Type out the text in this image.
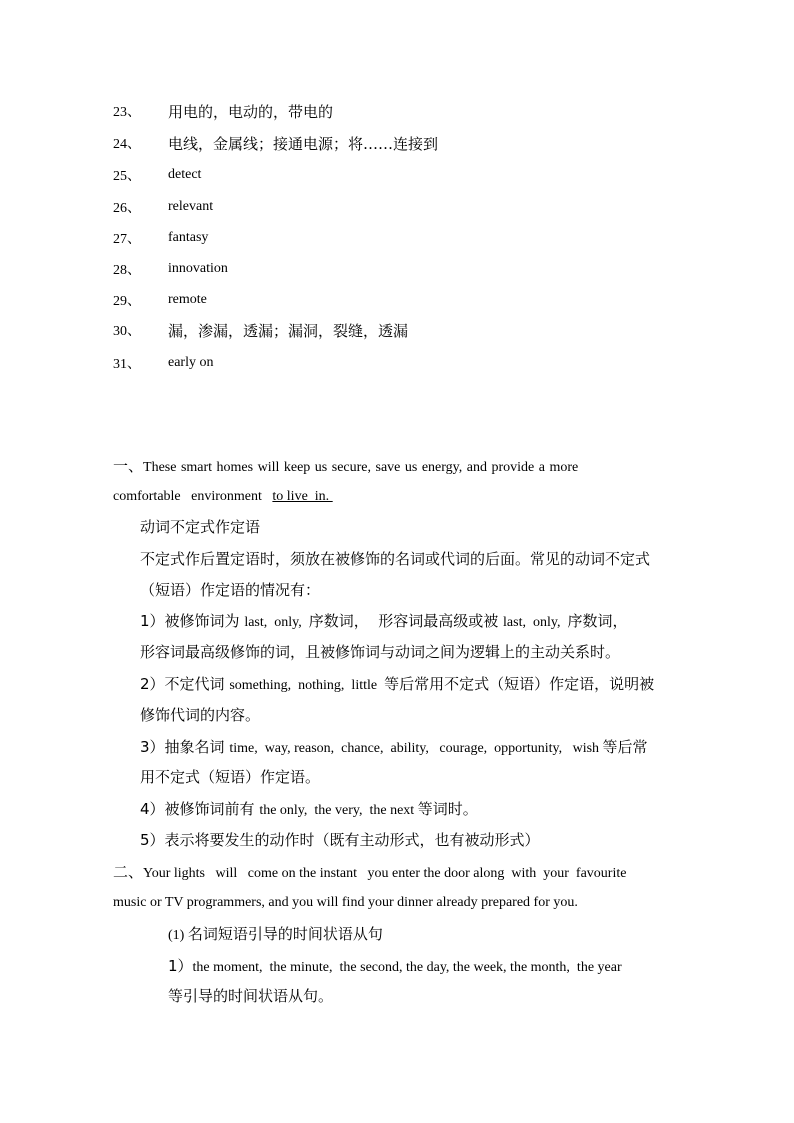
23、	用电的，电动的，带电的
24、	电线，金属线；接通电源；将……连接到
25、	detect
26、	relevant
27、	fantasy
28、	innovation
29、	remote
30、	漏，渗漏，透漏；漏洞，裂缝，透漏
31、	early on
一、These smart homes will keep us secure, save us energy, and provide a more
comfortable   environment   to live  in.
动词不定式作定语
不定式作后置定语时，须放在被修饰的名词或代词的后面。常见的动词不定式
（短语）作定语的情况有：
1）被修饰词为 last,  only,  序数词，  形容词最高级或被 last,  only,  序数词，
形容词最高级修饰的词，且被修饰词与动词之间为逻辑上的主动关系时。
2）不定代词 something,  nothing,  little  等后常用不定式（短语）作定语，说明被
修饰代词的内容。
3）抽象名词 time,  way, reason,  chance,  ability,   courage,  opportunity,   wish 等后常
用不定式（短语）作定语。
4）被修饰词前有 the only,  the very,  the next 等词时。
5）表示将要发生的动作时（既有主动形式，也有被动形式）
二、Your lights   will   come on the instant   you enter the door along  with  your  favourite
music or TV programmers, and you will find your dinner already prepared for you.
(1) 名词短语引导的时间状语从句
1）the moment,  the minute,  the second, the day, the week, the month,  the year
等引导的时间状语从句。
